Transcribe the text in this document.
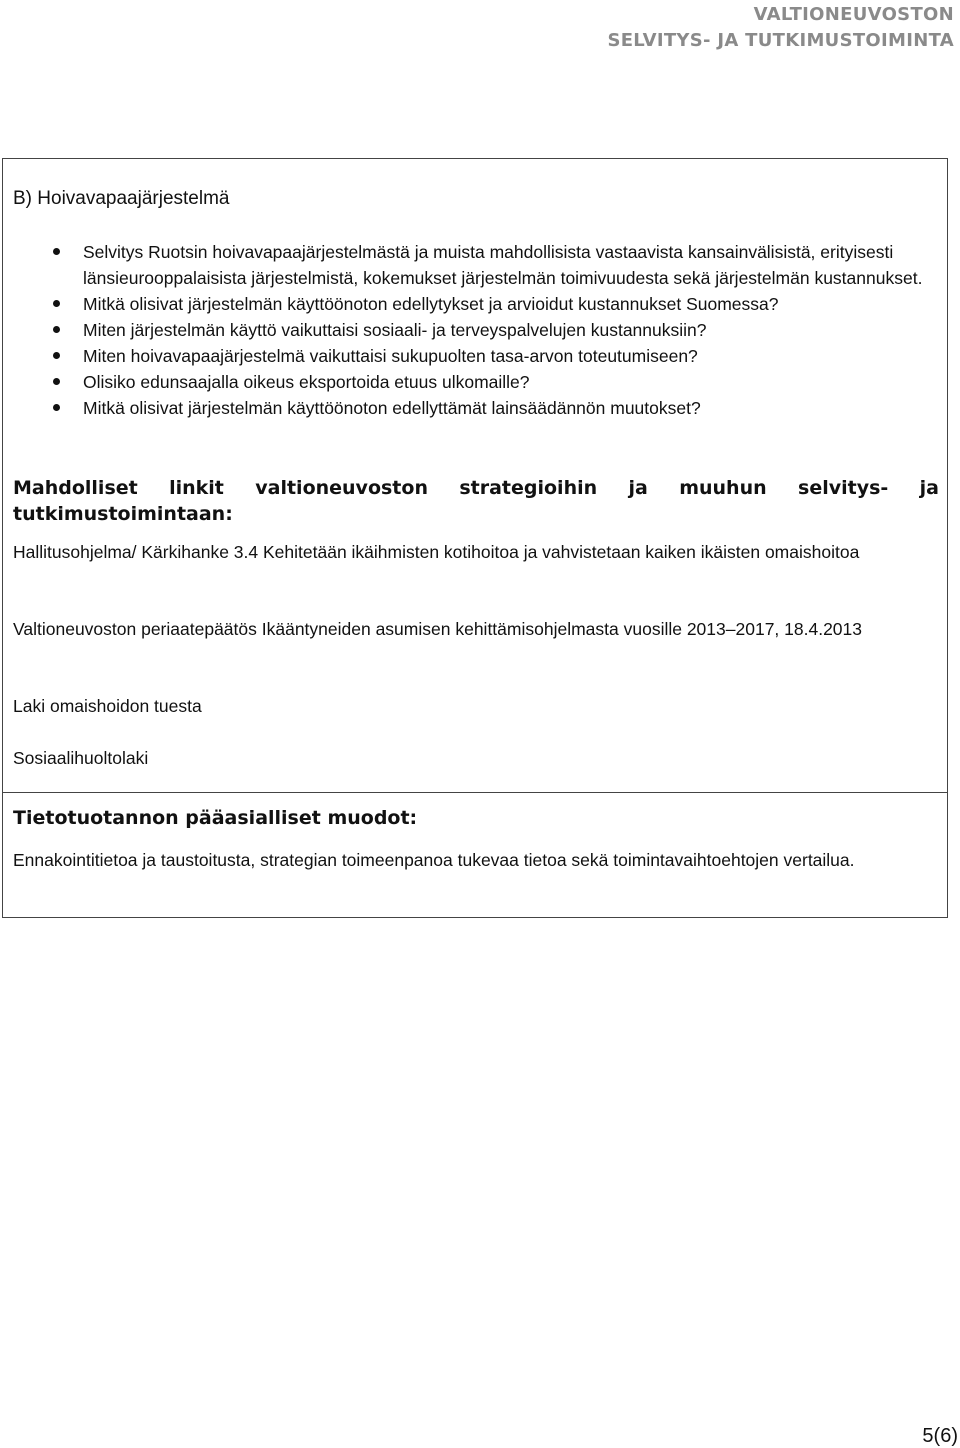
VALTIONEUVOSTON
SELVITYS- JA TUTKIMUSTOIMINTA
B) Hoivavapaajärjestelmä
Selvitys Ruotsin hoivavapaajärjestelmästä ja muista mahdollisista vastaavista kansainvälisistä, erityisesti länsieurooppalaisista järjestelmistä, kokemukset järjestelmän toimivuudesta sekä järjestelmän kustannukset.
Mitkä olisivat järjestelmän käyttöönoton edellytykset ja arvioidut kustannukset Suomessa?
Miten järjestelmän käyttö vaikuttaisi sosiaali- ja terveyspalvelujen kustannuksiin?
Miten hoivavapaajärjestelmä vaikuttaisi sukupuolten tasa-arvon toteutumiseen?
Olisiko edunsaajalla oikeus eksportoida etuus ulkomaille?
Mitkä olisivat järjestelmän käyttöönoton edellyttämät lainsäädännön muutokset?
Mahdolliset linkit valtioneuvoston strategioihin ja muuhun selvitys- ja tutkimustoimintaan:
Hallitusohjelma/ Kärkihanke 3.4 Kehitetään ikäihmisten kotihoitoa ja vahvistetaan kaiken ikäisten omaishoitoa
Valtioneuvoston periaatepäätös Ikääntyneiden asumisen kehittämisohjelmasta vuosille 2013–2017, 18.4.2013
Laki omaishoidon tuesta
Sosiaalihuoltolaki
Tietotuotannon pääasialliset muodot:
Ennakointitietoa ja taustoitusta, strategian toimeenpanoa tukevaa tietoa sekä toimintavaihtoehtojen vertailua.
5(6)
